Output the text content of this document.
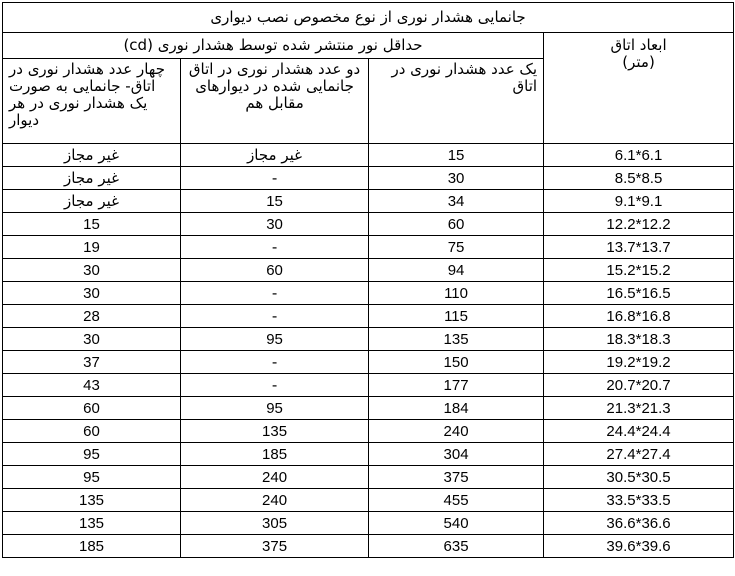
جانمایی هشدار نوری از نوع مخصوص نصب دیواری			

ابعاد اتاق
(متر)	حداقل نور منتشر شده توسط هشدار نوری (cd)		
	یک عدد هشدار نوری در اتاق	دو عدد هشدار نوری در اتاق جانمایی شده در دیوارهای مقابل هم	چهار عدد هشدار نوری در اتاق- جانمایی به صورت یک هشدار نوری در هر دیوار
6.1*6.1	15	غیر مجاز	غیر مجاز
8.5*8.5	30	-	غیر مجاز
9.1*9.1	34	15	غیر مجاز
12.2*12.2	60	30	15
13.7*13.7	75	-	19
15.2*15.2	94	60	30
16.5*16.5	110	-	30
16.8*16.8	115	-	28
18.3*18.3	135	95	30
19.2*19.2	150	-	37
20.7*20.7	177	-	43
21.3*21.3	184	95	60
24.4*24.4	240	135	60
27.4*27.4	304	185	95
30.5*30.5	375	240	95
33.5*33.5	455	240	135
36.6*36.6	540	305	135
39.6*39.6	635	375	185
